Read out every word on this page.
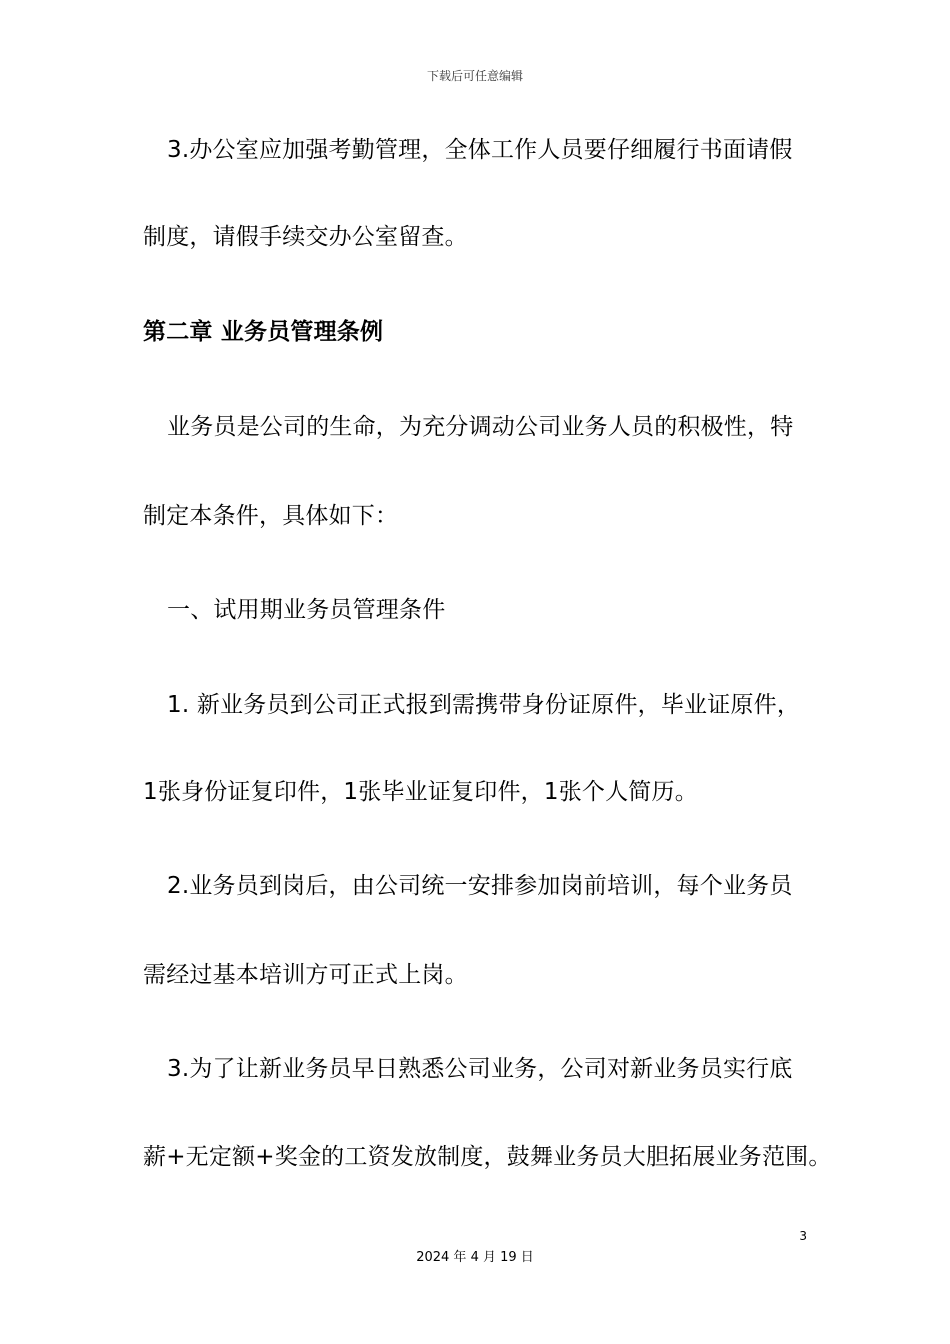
下载后可任意编辑
3.办公室应加强考勤管理，全体工作人员要仔细履行书面请假
制度，请假手续交办公室留查。
第二章 业务员管理条例
业务员是公司的生命，为充分调动公司业务人员的积极性，特
制定本条件，具体如下：
一、试用期业务员管理条件
1. 新业务员到公司正式报到需携带身份证原件，毕业证原件，
1张身份证复印件，1张毕业证复印件，1张个人简历。
2.业务员到岗后，由公司统一安排参加岗前培训，每个业务员
需经过基本培训方可正式上岗。
3.为了让新业务员早日熟悉公司业务，公司对新业务员实行底
薪+无定额+奖金的工资发放制度，鼓舞业务员大胆拓展业务范围。
3
2024 年 4 月 19 日
